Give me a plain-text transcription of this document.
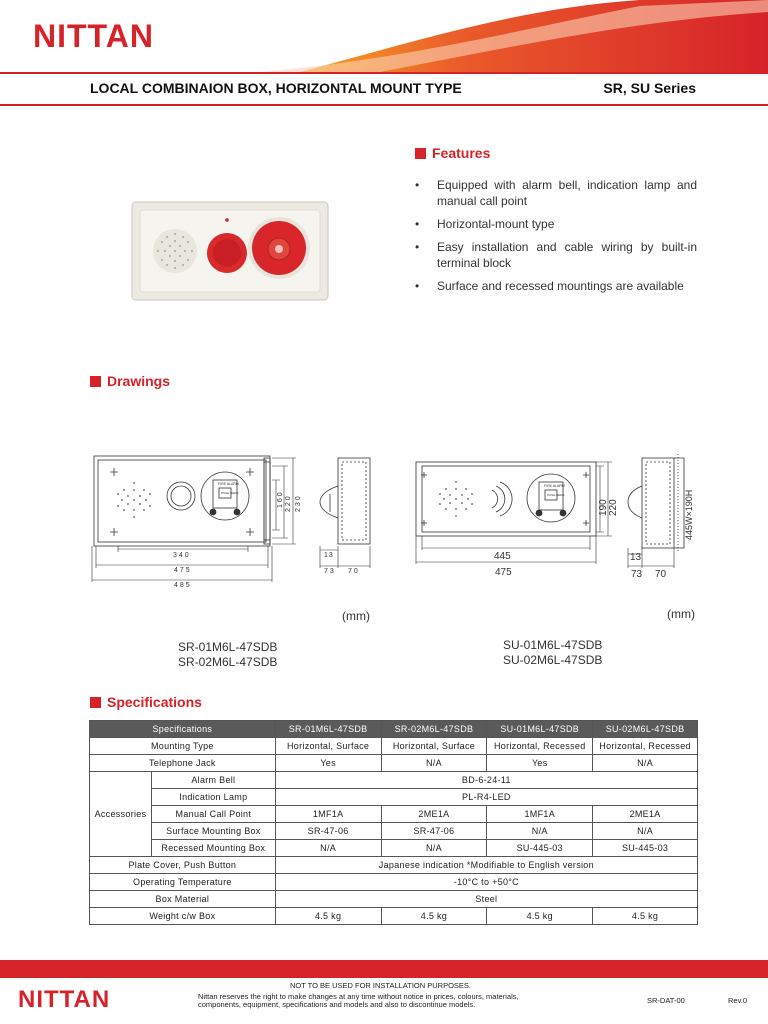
NITTAN
LOCAL COMBINAION BOX, HORIZONTAL MOUNT TYPE	SR, SU Series
Features
• Equipped with alarm bell, indication lamp and manual call point
• Horizontal-mount type
• Easy installation and cable wiring by built-in terminal block
• Surface and recessed mountings are available
Drawings
FIRE ALARM
PUSH HERE
340
475
485
160 220 230
13
73 70
(mm)
SR-01M6L-47SDB
SR-02M6L-47SDB
FIRE ALARM
PUSH HERE
445
475
190 220
13
73 70
445W×190H
(mm)
SU-01M6L-47SDB
SU-02M6L-47SDB
Specifications
Specifications		SR-01M6L-47SDB	SR-02M6L-47SDB	SU-01M6L-47SDB	SU-02M6L-47SDB
Mounting Type		Horizontal, Surface	Horizontal, Surface	Horizontal, Recessed	Horizontal, Recessed
Telephone Jack		Yes	N/A	Yes	N/A
Accessories	Alarm Bell	BD-6-24-11			
	Indication Lamp	PL-R4-LED			
	Manual Call Point	1MF1A	2ME1A	1MF1A	2ME1A
	Surface Mounting Box	SR-47-06	SR-47-06	N/A	N/A
	Recessed Mounting Box	N/A	N/A	SU-445-03	SU-445-03
Plate Cover, Push Button		Japanese indication *Modifiable to English version			
Operating Temperature		-10°C to +50°C			
Box Material		Steel			
Weight c/w Box		4.5 kg	4.5 kg	4.5 kg	4.5 kg
NITTAN
NOT TO BE USED FOR INSTALLATION PURPOSES.
Nittan reserves the right to make changes at any time without notice in prices, colours, materials,
components, equipment, specifications and models and also to discontinue models.	SR-DAT-00	Rev.0
